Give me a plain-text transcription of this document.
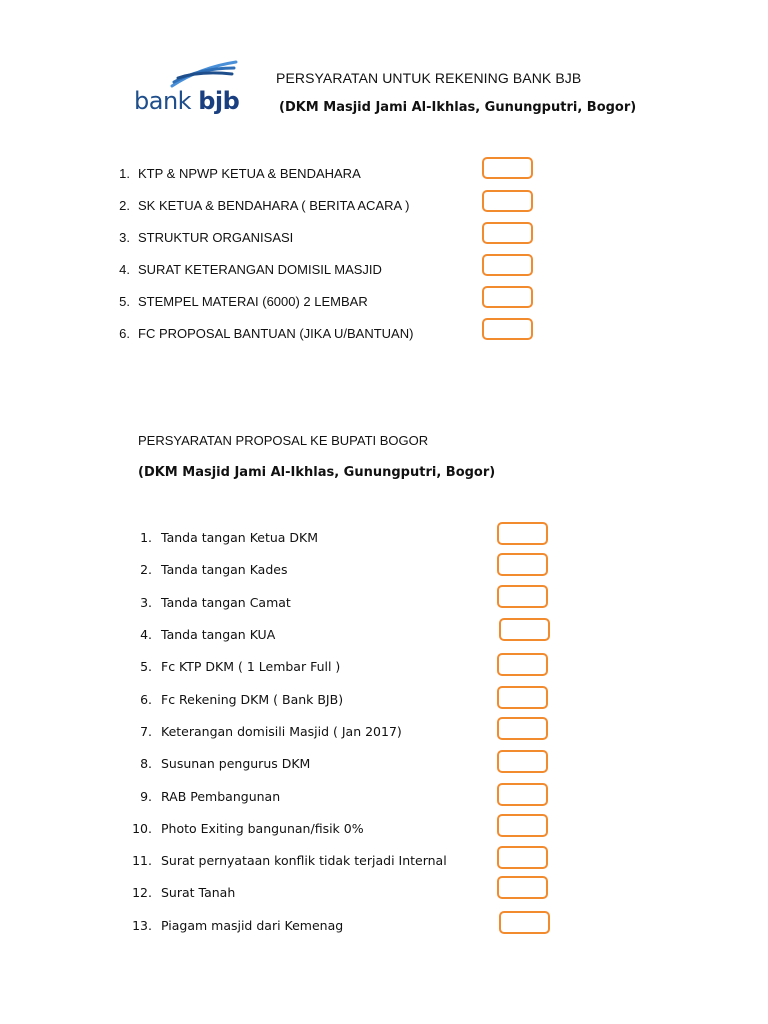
bank bjb
PERSYARATAN UNTUK REKENING BANK BJB
(DKM Masjid Jami Al-Ikhlas, Gunungputri, Bogor)
1. KTP & NPWP KETUA & BENDAHARA
2. SK KETUA & BENDAHARA ( BERITA ACARA )
3. STRUKTUR ORGANISASI
4. SURAT KETERANGAN DOMISIL MASJID
5. STEMPEL MATERAI (6000) 2 LEMBAR
6. FC PROPOSAL BANTUAN (JIKA U/BANTUAN)
PERSYARATAN PROPOSAL KE BUPATI BOGOR
(DKM Masjid Jami Al-Ikhlas, Gunungputri, Bogor)
1. Tanda tangan Ketua DKM
2. Tanda tangan Kades
3. Tanda tangan Camat
4. Tanda tangan KUA
5. Fc KTP DKM ( 1 Lembar Full )
6. Fc Rekening DKM ( Bank BJB)
7. Keterangan domisili Masjid ( Jan 2017)
8. Susunan pengurus DKM
9. RAB Pembangunan
10. Photo Exiting bangunan/fisik 0%
11. Surat pernyataan konflik tidak terjadi Internal
12. Surat Tanah
13. Piagam masjid dari Kemenag
